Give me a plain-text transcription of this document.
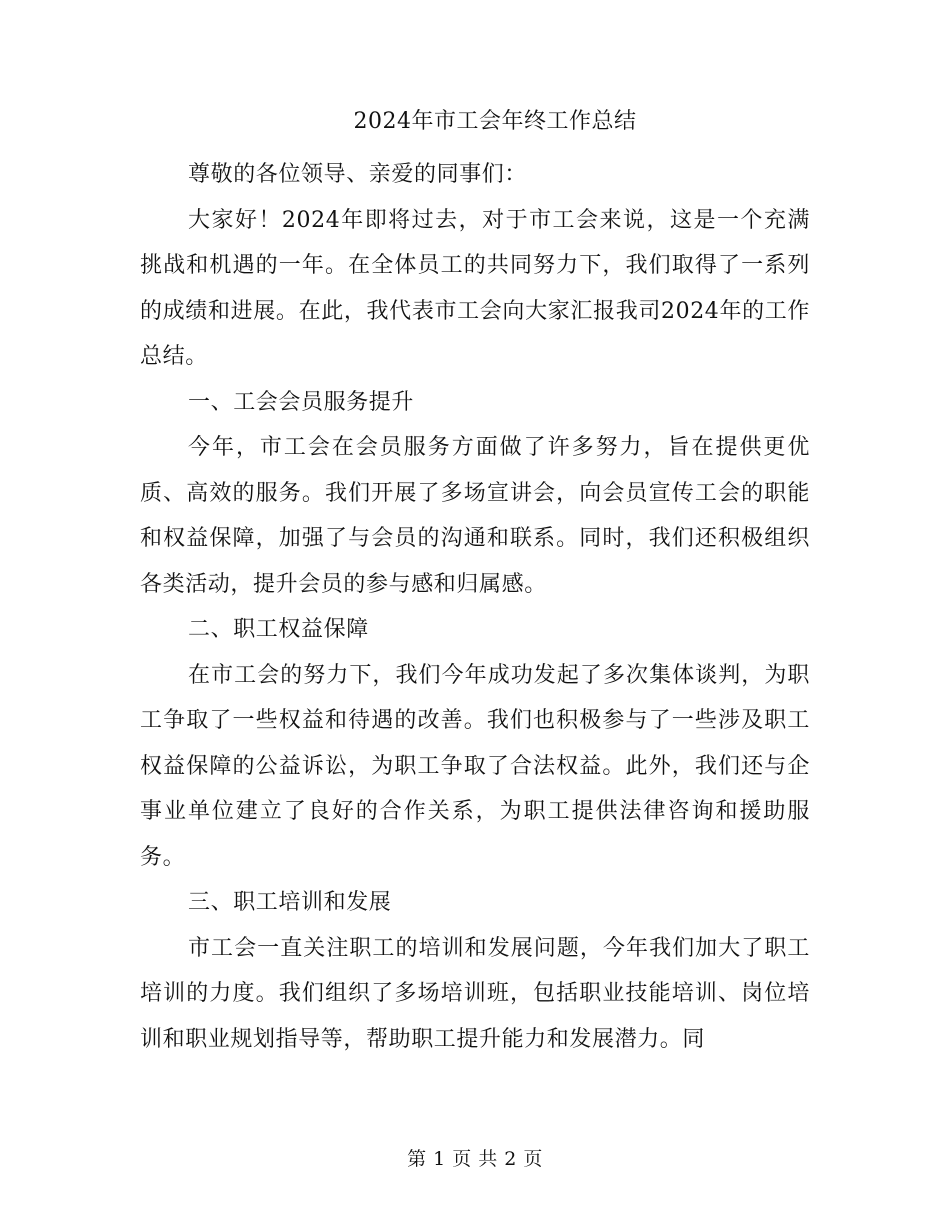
2024年市工会年终工作总结

尊敬的各位领导、亲爱的同事们：

大家好！2024年即将过去，对于市工会来说，这是一个充满挑战和机遇的一年。在全体员工的共同努力下，我们取得了一系列的成绩和进展。在此，我代表市工会向大家汇报我司2024年的工作总结。

一、工会会员服务提升

今年，市工会在会员服务方面做了许多努力，旨在提供更优质、高效的服务。我们开展了多场宣讲会，向会员宣传工会的职能和权益保障，加强了与会员的沟通和联系。同时，我们还积极组织各类活动，提升会员的参与感和归属感。

二、职工权益保障

在市工会的努力下，我们今年成功发起了多次集体谈判，为职工争取了一些权益和待遇的改善。我们也积极参与了一些涉及职工权益保障的公益诉讼，为职工争取了合法权益。此外，我们还与企事业单位建立了良好的合作关系，为职工提供法律咨询和援助服务。

三、职工培训和发展

市工会一直关注职工的培训和发展问题，今年我们加大了职工培训的力度。我们组织了多场培训班，包括职业技能培训、岗位培训和职业规划指导等，帮助职工提升能力和发展潜力。同

第 1 页 共 2 页
